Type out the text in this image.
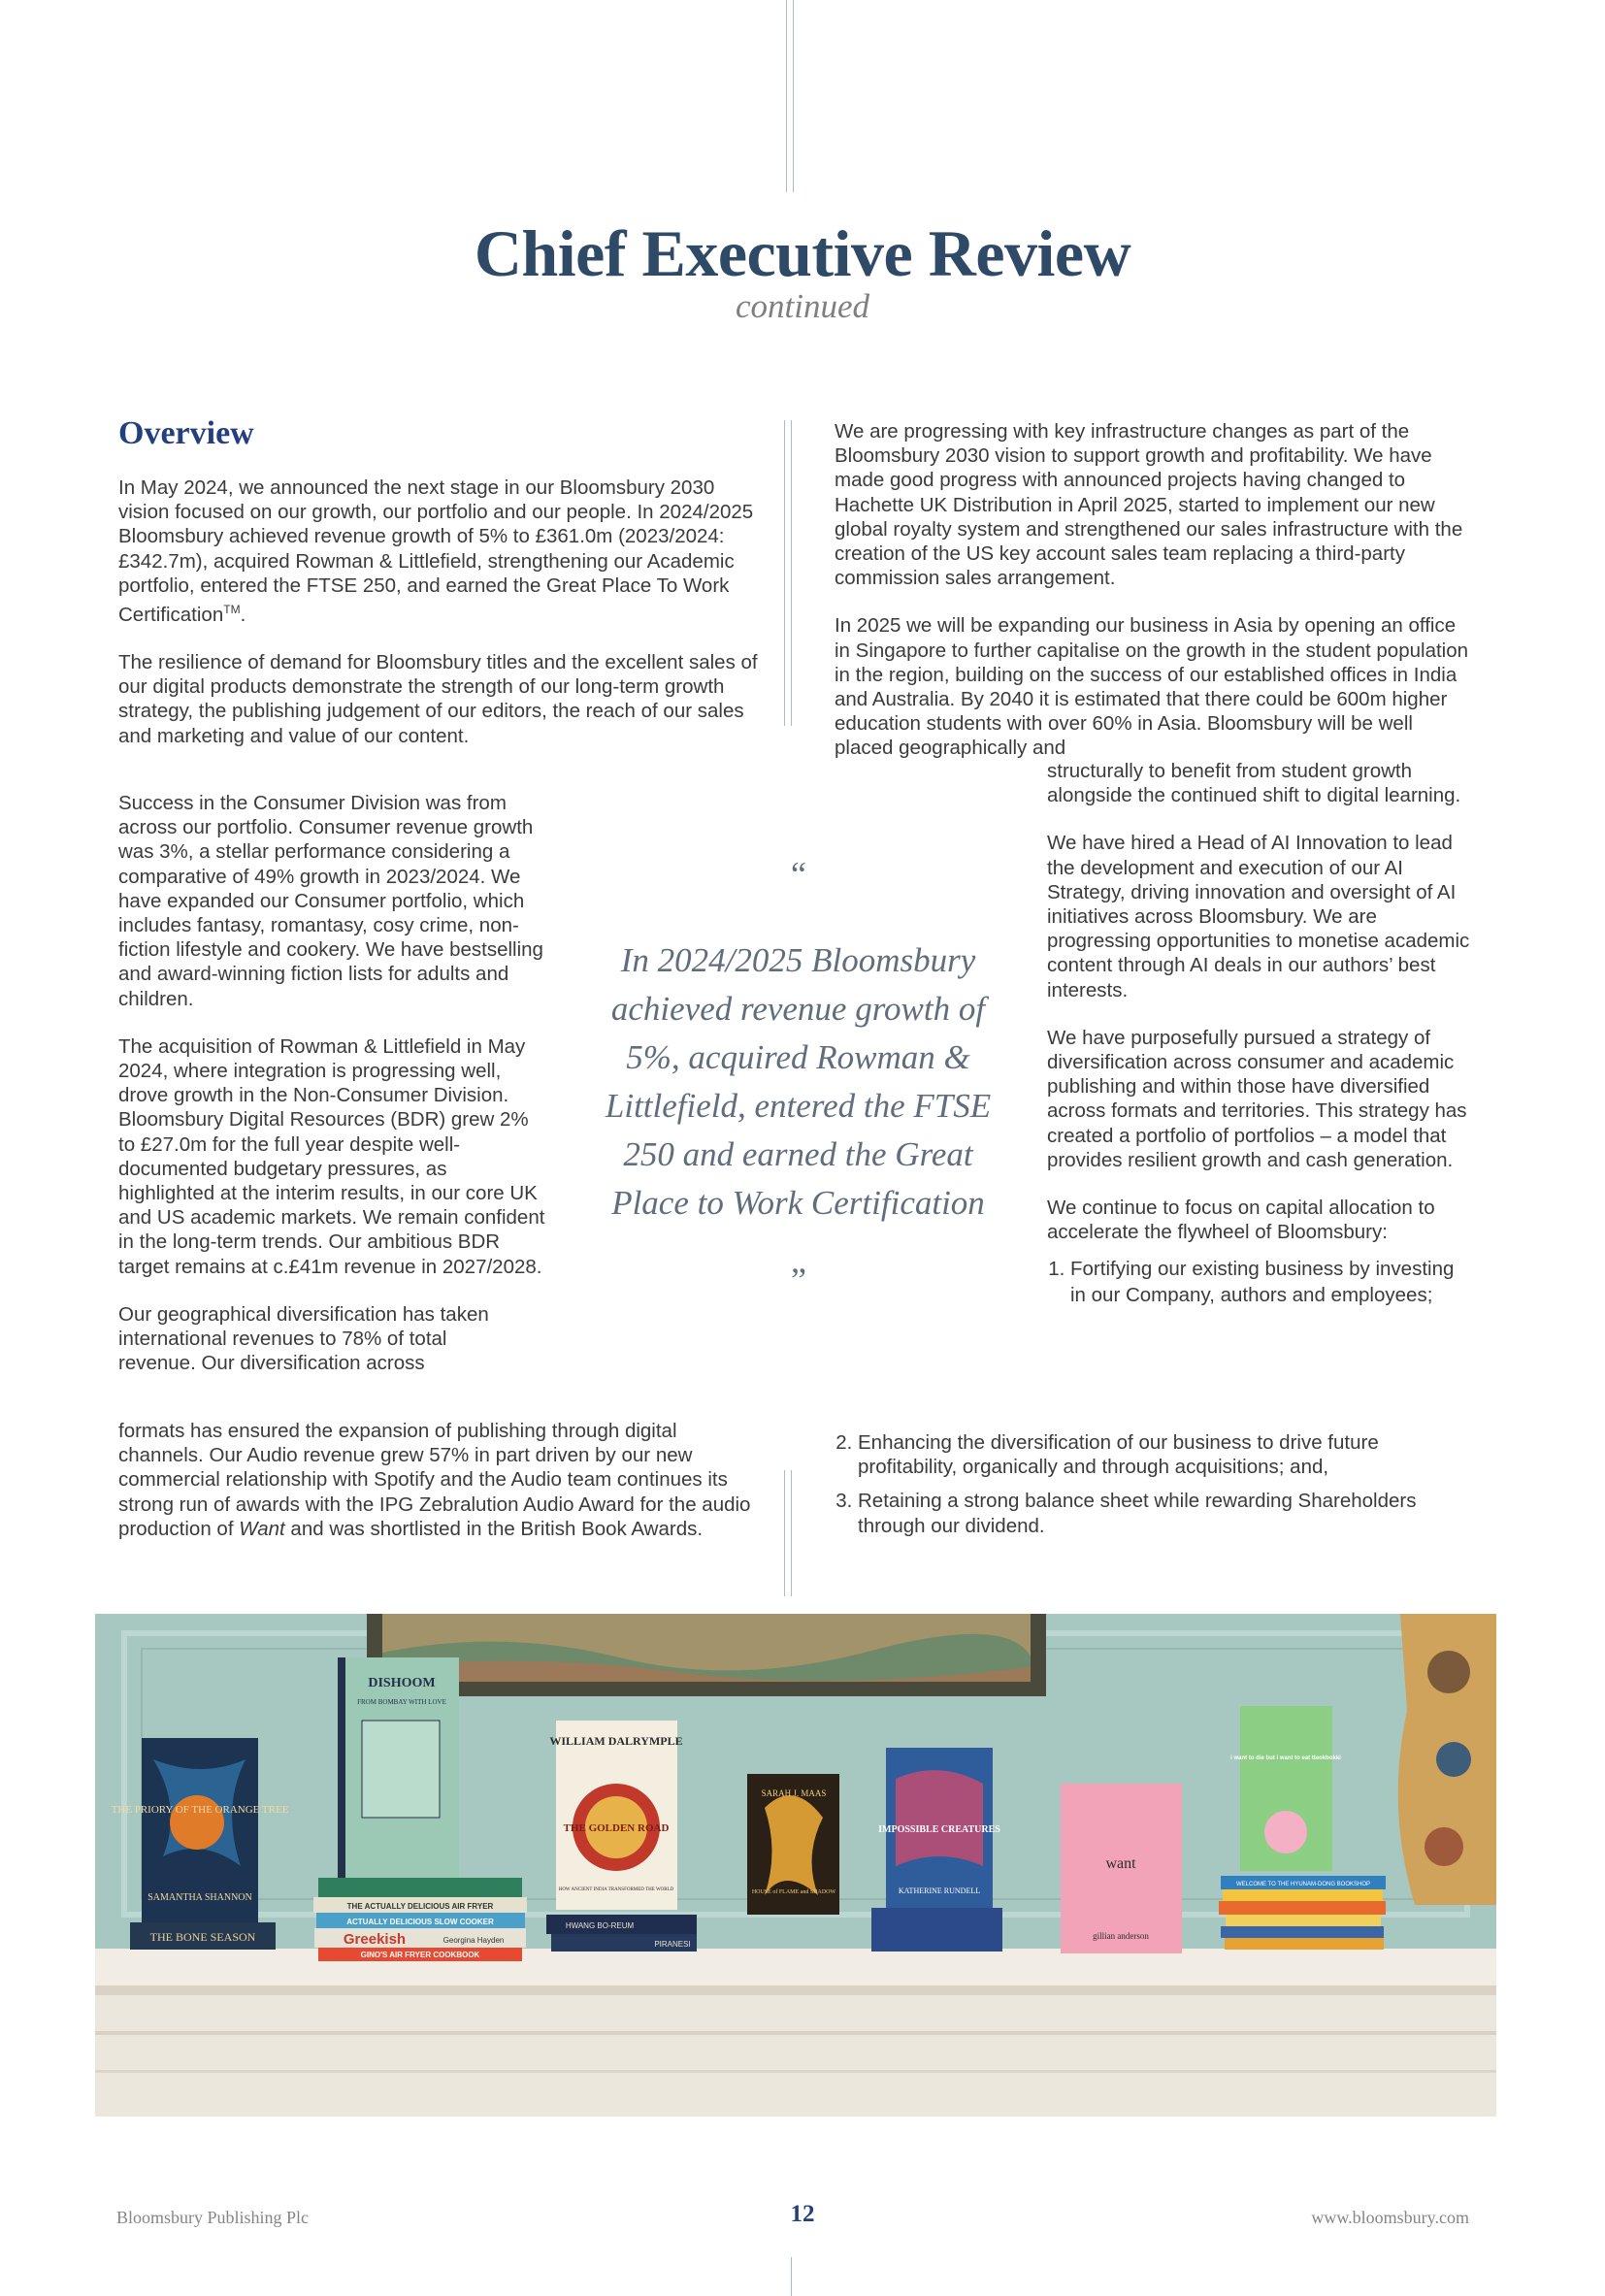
Chief Executive Review
continued
Overview

In May 2024, we announced the next stage in our Bloomsbury 2030 vision focused on our growth, our portfolio and our people. In 2024/2025 Bloomsbury achieved revenue growth of 5% to £361.0m (2023/2024: £342.7m), acquired Rowman & Littlefield, strengthening our Academic portfolio, entered the FTSE 250, and earned the Great Place To Work Certification™.

The resilience of demand for Bloomsbury titles and the excellent sales of our digital products demonstrate the strength of our long-term growth strategy, the publishing judgement of our editors, the reach of our sales and marketing and value of our content.

Success in the Consumer Division was from across our portfolio. Consumer revenue growth was 3%, a stellar performance considering a comparative of 49% growth in 2023/2024. We have expanded our Consumer portfolio, which includes fantasy, romantasy, cosy crime, non-fiction lifestyle and cookery. We have bestselling and award-winning fiction lists for adults and children.

The acquisition of Rowman & Littlefield in May 2024, where integration is progressing well, drove growth in the Non-Consumer Division. Bloomsbury Digital Resources (BDR) grew 2% to £27.0m for the full year despite well-documented budgetary pressures, as highlighted at the interim results, in our core UK and US academic markets. We remain confident in the long-term trends. Our ambitious BDR target remains at c.£41m revenue in 2027/2028.

Our geographical diversification has taken international revenues to 78% of total revenue. Our diversification across

formats has ensured the expansion of publishing through digital channels. Our Audio revenue grew 57% in part driven by our new commercial relationship with Spotify and the Audio team continues its strong run of awards with the IPG Zebralution Audio Award for the audio production of Want and was shortlisted in the British Book Awards.

We are progressing with key infrastructure changes as part of the Bloomsbury 2030 vision to support growth and profitability. We have made good progress with announced projects having changed to Hachette UK Distribution in April 2025, started to implement our new global royalty system and strengthened our sales infrastructure with the creation of the US key account sales team replacing a third-party commission sales arrangement.

In 2025 we will be expanding our business in Asia by opening an office in Singapore to further capitalise on the growth in the student population in the region, building on the success of our established offices in India and Australia. By 2040 it is estimated that there could be 600m higher education students with over 60% in Asia. Bloomsbury will be well placed geographically and

structurally to benefit from student growth alongside the continued shift to digital learning.

We have hired a Head of AI Innovation to lead the development and execution of our AI Strategy, driving innovation and oversight of AI initiatives across Bloomsbury. We are progressing opportunities to monetise academic content through AI deals in our authors’ best interests.

We have purposefully pursued a strategy of diversification across consumer and academic publishing and within those have diversified across formats and territories. This strategy has created a portfolio of portfolios – a model that provides resilient growth and cash generation.

We continue to focus on capital allocation to accelerate the flywheel of Bloomsbury:

1. Fortifying our existing business by investing in our Company, authors and employees;
2. Enhancing the diversification of our business to drive future profitability, organically and through acquisitions; and,
3. Retaining a strong balance sheet while rewarding Shareholders through our dividend.
“

In 2024/2025 Bloomsbury achieved revenue growth of 5%, acquired Rowman & Littlefield, entered the FTSE 250 and earned the Great Place to Work Certification

”
THE PRIORY OF THE ORANGE TREE
SAMANTHA SHANNON
THE BONE SEASON
DISHOOM
FROM BOMBAY WITH LOVE
THE ACTUALLY DELICIOUS AIR FRYER
ACTUALLY DELICIOUS SLOW COOKER
Greekish	Georgina Hayden
GINO'S AIR FRYER COOKBOOK
WILLIAM DALRYMPLE
THE GOLDEN ROAD
HOW ANCIENT INDIA TRANSFORMED THE WORLD
HWANG BO-REUM
PIRANESI
SARAH J. MAAS
HOUSE of FLAME and SHADOW
IMPOSSIBLE CREATURES
KATHERINE RUNDELL
want
gillian anderson
i want to die but i want to eat tteokbokki
WELCOME TO THE HYUNAM-DONG BOOKSHOP
Bloomsbury Publishing Plc	12	www.bloomsbury.com
